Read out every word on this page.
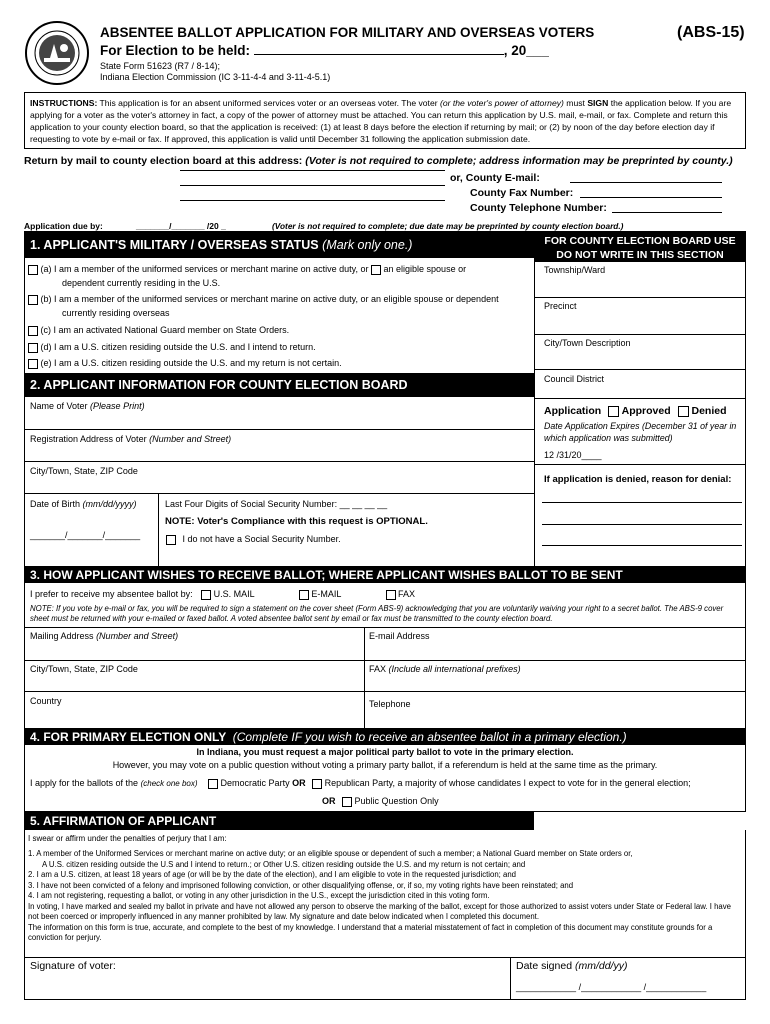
ABSENTEE BALLOT APPLICATION FOR MILITARY AND OVERSEAS VOTERS	(ABS-15)
For Election to be held:	, 20___
State Form 51623 (R7 / 8-14);
Indiana Election Commission (IC 3-11-4-4 and 3-11-4-5.1)
INSTRUCTIONS: This application is for an absent uniformed services voter or an overseas voter. The voter (or the voter's power of attorney) must SIGN the application below. If you are applying for a voter as the voter's attorney in fact, a copy of the power of attorney must be attached. You can return this application by U.S. mail, e-mail, or fax. Complete and return this application to your county election board, so that the application is received: (1) at least 8 days before the election if returning by mail; or (2) by noon of the day before election day if requesting to vote by e-mail or fax. If approved, this application is valid until December 31 following the application submission date.
Return by mail to county election board at this address: (Voter is not required to complete; address information may be preprinted by county.)
or, County E-mail:
County Fax Number:
County Telephone Number:
Application due by:	_______/_______ /20 _	(Voter is not required to complete; due date may be preprinted by county election board.)
1. APPLICANT'S MILITARY / OVERSEAS STATUS (Mark only one.)
(a) I am a member of the uniformed services or merchant marine on active duty, or an eligible spouse or
dependent currently residing in the U.S.
(b) I am a member of the uniformed services or merchant marine on active duty, or an eligible spouse or dependent
currently residing overseas
(c) I am an activated National Guard member on State Orders.
(d) I am a U.S. citizen residing outside the U.S. and I intend to return.
(e) I am a U.S. citizen residing outside the U.S. and my return is not certain.
2. APPLICANT INFORMATION FOR COUNTY ELECTION BOARD
Name of Voter (Please Print)
Registration Address of Voter (Number and Street)
City/Town, State, ZIP Code
Date of Birth (mm/dd/yyyy)
_______/_______/_______
Last Four Digits of Social Security Number: __ __ __ __
NOTE: Voter's Compliance with this request is OPTIONAL.
I do not have a Social Security Number.
FOR COUNTY ELECTION BOARD USE
DO NOT WRITE IN THIS SECTION
Township/Ward
Precinct
City/Town Description
Council District
Application Approved Denied
Date Application Expires (December 31 of year in which application was submitted)
12 /31/20____
If application is denied, reason for denial:
3. HOW APPLICANT WISHES TO RECEIVE BALLOT; WHERE APPLICANT WISHES BALLOT TO BE SENT
I prefer to receive my absentee ballot by: U.S. MAIL	E-MAIL	FAX
NOTE: If you vote by e-mail or fax, you will be required to sign a statement on the cover sheet (Form ABS-9) acknowledging that you are voluntarily waiving your right to a secret ballot. The ABS-9 cover sheet must be returned with your e-mailed or faxed ballot. A voted absentee ballot sent by email or fax must be transmitted to the county election board.
Mailing Address (Number and Street)	E-mail Address
City/Town, State, ZIP Code	FAX (Include all international prefixes)
Country	Telephone
4. FOR PRIMARY ELECTION ONLY (Complete IF you wish to receive an absentee ballot in a primary election.)
In Indiana, you must request a major political party ballot to vote in the primary election.
However, you may vote on a public question without voting a primary party ballot, if a referendum is held at the same time as the primary.
I apply for the ballots of the (check one box)	Democratic Party OR Republican Party, a majority of whose candidates I expect to vote for in the general election;
OR Public Question Only
5. AFFIRMATION OF APPLICANT
I swear or affirm under the penalties of perjury that I am:
1. A member of the Uniformed Services or merchant marine on active duty; or an eligible spouse or dependent of such a member; a National Guard member on State orders or,
A U.S. citizen residing outside the U.S and I intend to return.; or Other U.S. citizen residing outside the U.S. and my return is not certain; and
2. I am a U.S. citizen, at least 18 years of age (or will be by the date of the election), and I am eligible to vote in the requested jurisdiction; and
3. I have not been convicted of a felony and imprisoned following conviction, or other disqualifying offense, or, if so, my voting rights have been reinstated; and
4. I am not registering, requesting a ballot, or voting in any other jurisdiction in the U.S., except the jurisdiction cited in this voting form.
In voting, I have marked and sealed my ballot in private and have not allowed any person to observe the marking of the ballot, except for those authorized to assist voters under State or Federal law. I have not been coerced or improperly influenced in any manner prohibited by law. My signature and date below indicated when I completed this document.
The information on this form is true, accurate, and complete to the best of my knowledge. I understand that a material misstatement of fact in completion of this document may constitute grounds for a conviction for perjury.
Signature of voter:	Date signed (mm/dd/yy)
____________ /____________ /____________
